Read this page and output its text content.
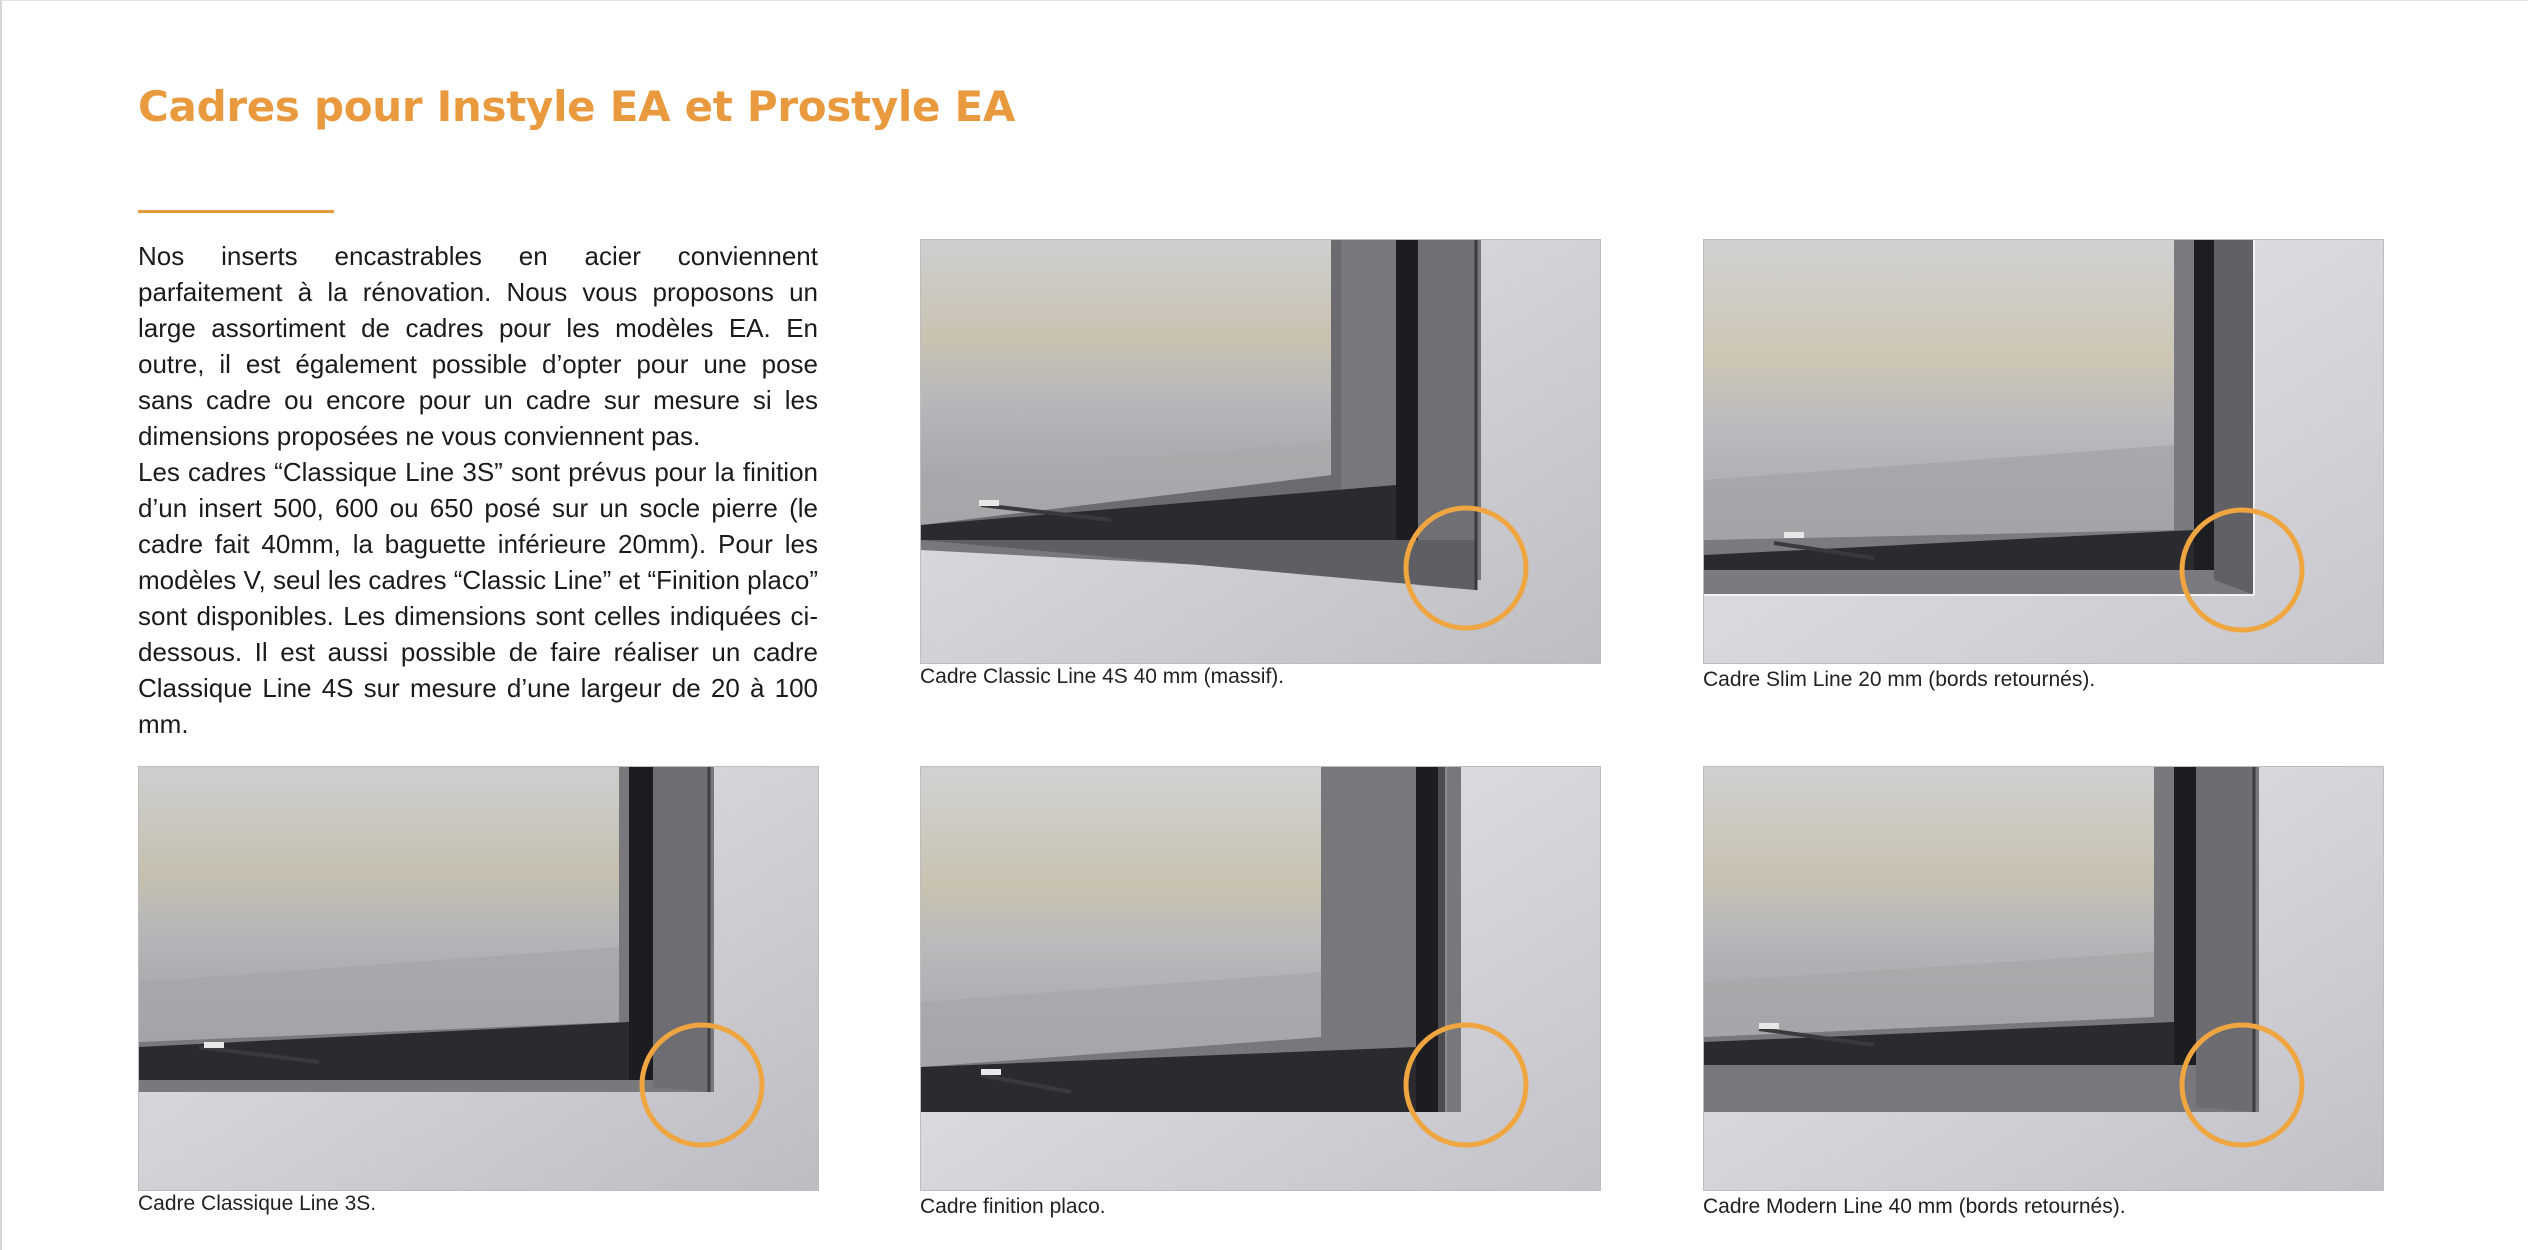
Cadres pour Instyle EA et Prostyle EA

Nos inserts encastrables en acier conviennent parfaitement à la rénovation. Nous vous proposons un large assortiment de cadres pour les modèles EA. En outre, il est également possible d’opter pour une pose sans cadre ou encore pour un cadre sur mesure si les dimensions proposées ne vous conviennent pas.

Les cadres “Classique Line 3S” sont prévus pour la finition d’un insert 500, 600 ou 650 posé sur un socle pierre (le cadre fait 40mm, la baguette inférieure 20mm). Pour les modèles V, seul les cadres “Classic Line” et “Finition placo” sont disponibles. Les dimensions sont celles indiquées ci-dessous. Il est aussi possible de faire réaliser un cadre Classique Line 4S sur mesure d’une largeur de 20 à 100 mm.

Cadre Classic Line 4S 40 mm (massif).	Cadre Slim Line 20 mm (bords retournés).
Cadre Classique Line 3S.	Cadre finition placo.	Cadre Modern Line 40 mm (bords retournés).
